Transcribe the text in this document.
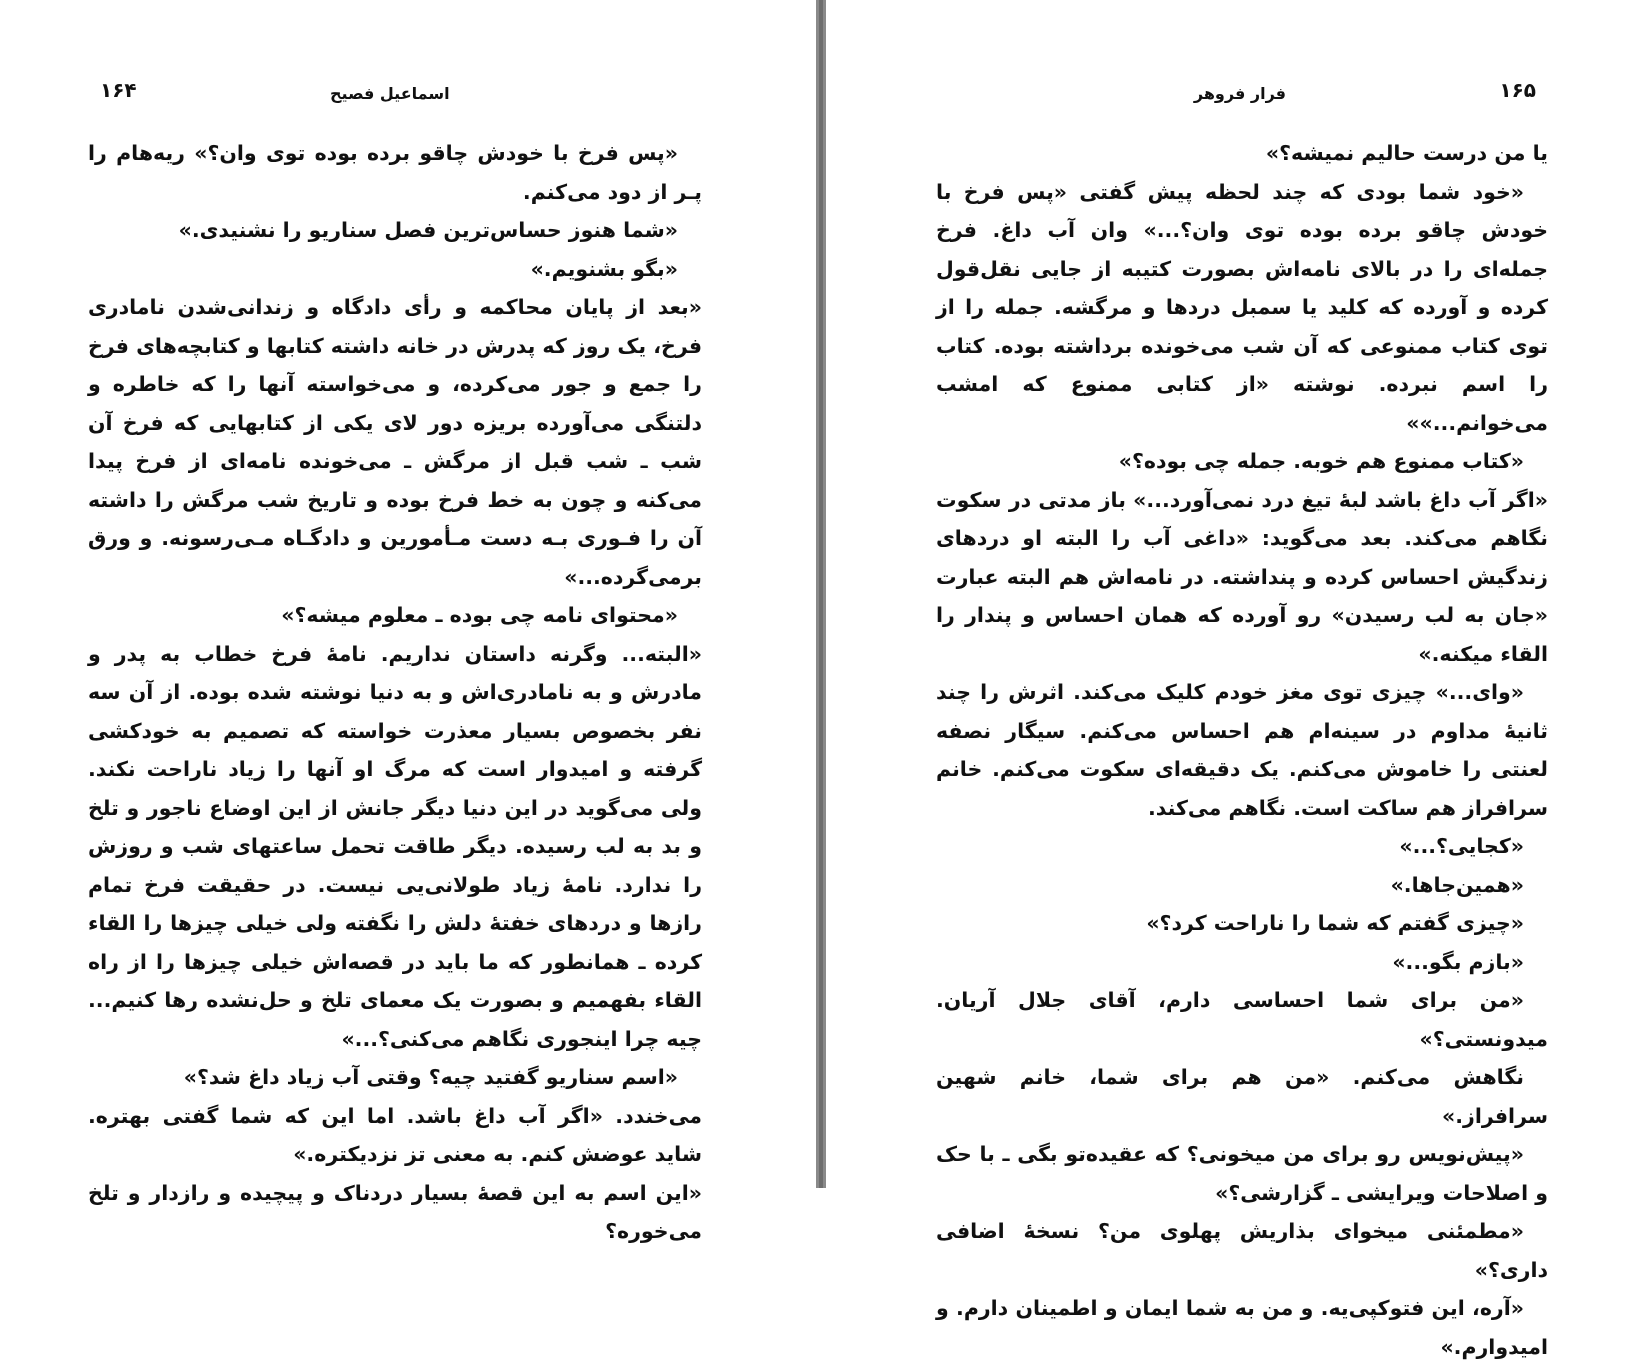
۱۶۴	اسماعیل فصیح

«پس فرخ با خودش چاقو برده بوده توی وان؟» ریه‌هام را پـر از دود می‌کنم.

«شما هنوز حساس‌ترین فصل سناریو را نشنیدی.»

«بگو بشنویم.»

«بعد از پایان محاکمه و رأی دادگاه و زندانی‌شدن نامادری فرخ، یک روز که پدرش در خانه داشته کتابها و کتابچه‌های فرخ را جمع و جور می‌کرده، و می‌خواسته آنها را که خاطره و دلتنگی می‌آورده بریزه دور لای یکی از کتابهایی که فرخ آن شب ـ شب قبل از مرگش ـ می‌خونده نامه‌ای از فرخ پیدا می‌کنه و چون به خط فرخ بوده و تاریخ شب مرگش را داشته آن را فـوری بـه دست مـأمورین و دادگـاه مـی‌رسونه. و ورق برمی‌گرده...»

«محتوای نامه چی بوده ـ معلوم میشه؟»

«البته... وگرنه داستان نداریم. نامهٔ فرخ خطاب به پدر و مادرش و به نامادری‌اش و به دنیا نوشته شده بوده. از آن سه نفر بخصوص بسیار معذرت خواسته که تصمیم به خودکشی گرفته و امیدوار است که مرگ او آنها را زیاد ناراحت نکند. ولی می‌گوید در این دنیا دیگر جانش از این اوضاع ناجور و تلخ و بد به لب رسیده. دیگر طاقت تحمل ساعتهای شب و روزش را ندارد. نامهٔ زیاد طولانی‌یی نیست. در حقیقت فرخ تمام رازها و دردهای خفتهٔ دلش را نگفته ولی خیلی چیزها را القاء کرده ـ همانطور که ما باید در قصه‌اش خیلی چیزها را از راه القاء بفهمیم و بصورت یک معمای تلخ و حل‌نشده رها کنیم... چیه چرا اینجوری نگاهم می‌کنی؟...»

«اسم سناریو گفتید چیه؟ وقتی آب زیاد داغ شد؟»

می‌خندد. «اگر آب داغ باشد. اما این که شما گفتی بهتره. شاید عوضش کنم. به معنی تز نزدیکتره.»

«این اسم به این قصهٔ بسیار دردناک و پیچیده و رازدار و تلخ می‌خوره؟

۱۶۵
فرار فروهر

یا من درست حالیم نمیشه؟»

«خود شما بودی که چند لحظه پیش گفتی «پس فرخ با خودش چاقو برده بوده توی وان؟...» وان آب داغ. فرخ جمله‌ای را در بالای نامه‌اش بصورت کتیبه از جایی نقل‌قول کرده و آورده که کلید یا سمبل دردها و مرگشه. جمله را از توی کتاب ممنوعی که آن شب می‌خونده برداشته بوده. کتاب را اسم نبرده. نوشته «از کتابی ممنوع که امشب می‌خوانم...»»

«کتاب ممنوع هم خوبه. جمله چی بوده؟»

«اگر آب داغ باشد لبهٔ تیغ درد نمی‌آورد...» باز مدتی در سکوت نگاهم می‌کند. بعد می‌گوید: «داغی آب را البته او دردهای زندگیش احساس کرده و پنداشته. در نامه‌اش هم البته عبارت «جان به لب رسیدن» رو آورده که همان احساس و پندار را القاء میکنه.»

«وای...» چیزی توی مغز خودم کلیک می‌کند. اثرش را چند ثانیهٔ مداوم در سینه‌ام هم احساس می‌کنم. سیگار نصفه لعنتی را خاموش می‌کنم. یک دقیقه‌ای سکوت می‌کنم. خانم سرافراز هم ساکت است. نگاهم می‌کند.

«کجایی؟...»

«همین‌جاها.»

«چیزی گفتم که شما را ناراحت کرد؟»

«بازم بگو...»

«من برای شما احساسی دارم، آقای جلال آریان. میدونستی؟»

نگاهش می‌کنم. «من هم برای شما، خانم شهین سرافراز.»

«پیش‌نویس رو برای من میخونی؟ که عقیده‌تو بگی ـ با حک و اصلاحات ویرایشی ـ گزارشی؟»

«مطمئنی میخوای بذاریش پهلوی من؟ نسخهٔ اضافی داری؟»

«آره، این فتوکپی‌یه. و من به شما ایمان و اطمینان دارم. و امیدوارم.»
